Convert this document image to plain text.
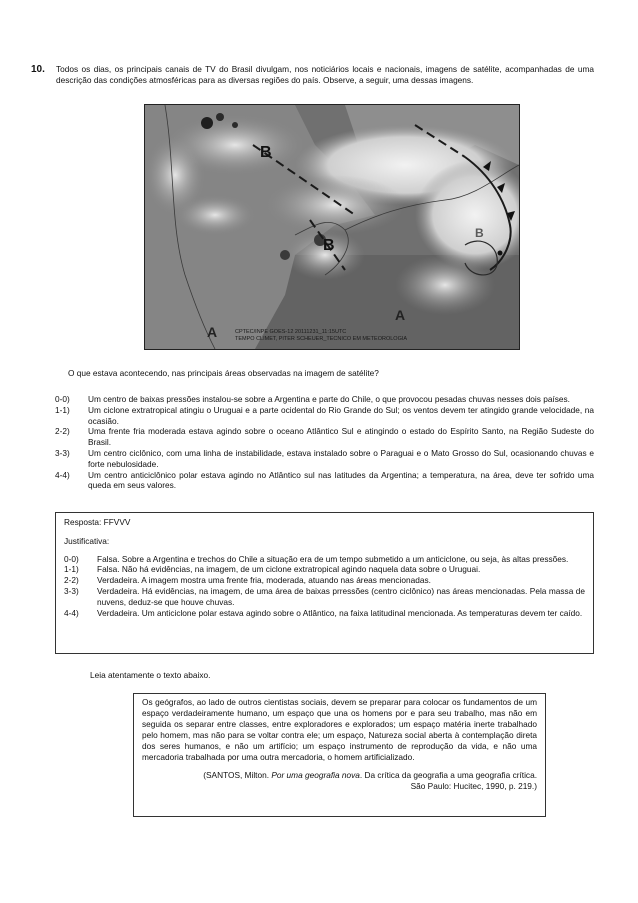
10. Todos os dias, os principais canais de TV do Brasil divulgam, nos noticiários locais e nacionais, imagens de satélite, acompanhadas de uma descrição das condições atmosféricas para as diversas regiões do país. Observe, a seguir, uma dessas imagens.
B
B
B
A
A	CPTEC/INPE GOES-12 20111231_11:15UTC
TEMPO CLIMET, PITER SCHEUER_TECNICO EM METEOROLOGIA
O que estava acontecendo, nas principais áreas observadas na imagem de satélite?
0-0)	Um centro de baixas pressões instalou-se sobre a Argentina e parte do Chile, o que provocou pesadas chuvas nesses dois países.
1-1)	Um ciclone extratropical atingiu o Uruguai e a parte ocidental do Rio Grande do Sul; os ventos devem ter atingido grande velocidade, na ocasião.
2-2)	Uma frente fria moderada estava agindo sobre o oceano Atlântico Sul e atingindo o estado do Espírito Santo, na Região Sudeste do Brasil.
3-3)	Um centro ciclônico, com uma linha de instabilidade, estava instalado sobre o Paraguai e o Mato Grosso do Sul, ocasionando chuvas e forte nebulosidade.
4-4)	Um centro anticiclônico polar estava agindo no Atlântico sul nas latitudes da Argentina; a temperatura, na área, deve ter sofrido uma queda em seus valores.

Resposta: FFVVV

Justificativa:

0-0)	Falsa. Sobre a Argentina e trechos do Chile a situação era de um tempo submetido a um anticiclone, ou seja, às altas pressões.
1-1)	Falsa. Não há evidências, na imagem, de um ciclone extratropical agindo naquela data sobre o Uruguai.
2-2)	Verdadeira. A imagem mostra uma frente fria, moderada, atuando nas áreas mencionadas.
3-3)	Verdadeira. Há evidências, na imagem, de uma área de baixas prressões (centro ciclônico) nas áreas mencionadas. Pela massa de nuvens, deduz-se que houve chuvas.
4-4)	Verdadeira. Um anticiclone polar estava agindo sobre o Atlântico, na faixa latitudinal mencionada. As temperaturas devem ter caído.
Leia atentamente o texto abaixo.
Os geógrafos, ao lado de outros cientistas sociais, devem se preparar para colocar os fundamentos de um espaço verdadeiramente humano, um espaço que una os homens por e para seu trabalho, mas não em seguida os separar entre classes, entre exploradores e explorados; um espaço matéria inerte trabalhado pelo homem, mas não para se voltar contra ele; um espaço, Natureza social aberta à contemplação direta dos seres humanos, e não um artifício; um espaço instrumento de reprodução da vida, e não uma mercadoria trabalhada por uma outra mercadoria, o homem artificializado.
(SANTOS, Milton. Por uma geografia nova. Da crítica da geografia a uma geografia crítica.
São Paulo: Hucitec, 1990, p. 219.)
